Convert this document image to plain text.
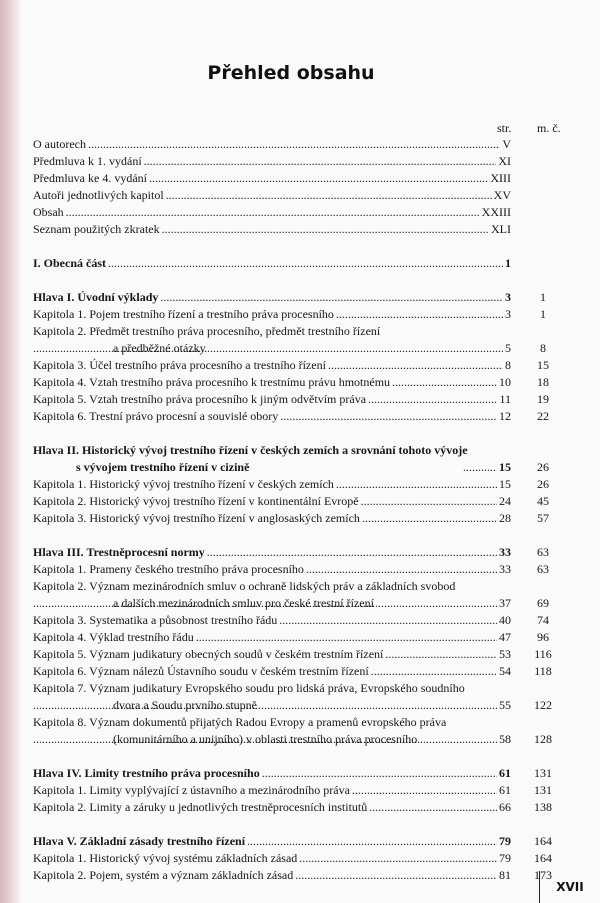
Přehled obsahu
str. m. č.
O autorech .....	V
Předmluva k 1. vydání .....	XI
Předmluva ke 4. vydání .....	XIII
Autoři jednotlivých kapitol .....	XV
Obsah .....	XXIII
Seznam použitých zkratek .....	XLI
I. Obecná část .....	1
Hlava I. Úvodní výklady .....	3	1
Kapitola 1. Pojem trestního řízení a trestního práva procesního .....	3	1
Kapitola 2. Předmět trestního práva procesního, předmět trestního řízení

a předběžné otázky .....	5	8
Kapitola 3. Účel trestního práva procesního a trestního řízení .....	8	15
Kapitola 4. Vztah trestního práva procesního k trestnímu právu hmotnému .....	10	18
Kapitola 5. Vztah trestního práva procesního k jiným odvětvím práva .....	11	19
Kapitola 6. Trestní právo procesní a souvislé obory .....	12	22
Hlava II. Historický vývoj trestního řízení v českých zemích a srovnání tohoto vývoje
s vývojem trestního řízení v cizině .....	15	26
Kapitola 1. Historický vývoj trestního řízení v českých zemích .....	15	26
Kapitola 2. Historický vývoj trestního řízení v kontinentální Evropě .....	24	45
Kapitola 3. Historický vývoj trestního řízení v anglosaských zemích .....	28	57
Hlava III. Trestněprocesní normy .....	33	63
Kapitola 1. Prameny českého trestního práva procesního .....	33	63
Kapitola 2. Význam mezinárodních smluv o ochraně lidských práv a základních svobod

a dalších mezinárodních smluv pro české trestní řízení .....	37	69
Kapitola 3. Systematika a působnost trestního řádu .....	40	74
Kapitola 4. Výklad trestního řádu .....	47	96
Kapitola 5. Význam judikatury obecných soudů v českém trestním řízení .....	53	116
Kapitola 6. Význam nálezů Ústavního soudu v českém trestním řízení .....	54	118
Kapitola 7. Význam judikatury Evropského soudu pro lidská práva, Evropského soudního

dvora a Soudu prvního stupně .....	55	122
Kapitola 8. Význam dokumentů přijatých Radou Evropy a pramenů evropského práva

(komunitárního a unijního) v oblasti trestního práva procesního .....	58	128
Hlava IV. Limity trestního práva procesního .....	61	131
Kapitola 1. Limity vyplývající z ústavního a mezinárodního práva .....	61	131
Kapitola 2. Limity a záruky u jednotlivých trestněprocesních institutů .....	66	138
Hlava V. Základní zásady trestního řízení .....	79	164
Kapitola 1. Historický vývoj systému základních zásad .....	79	164
Kapitola 2. Pojem, systém a význam základních zásad .....	81	173
XVII
